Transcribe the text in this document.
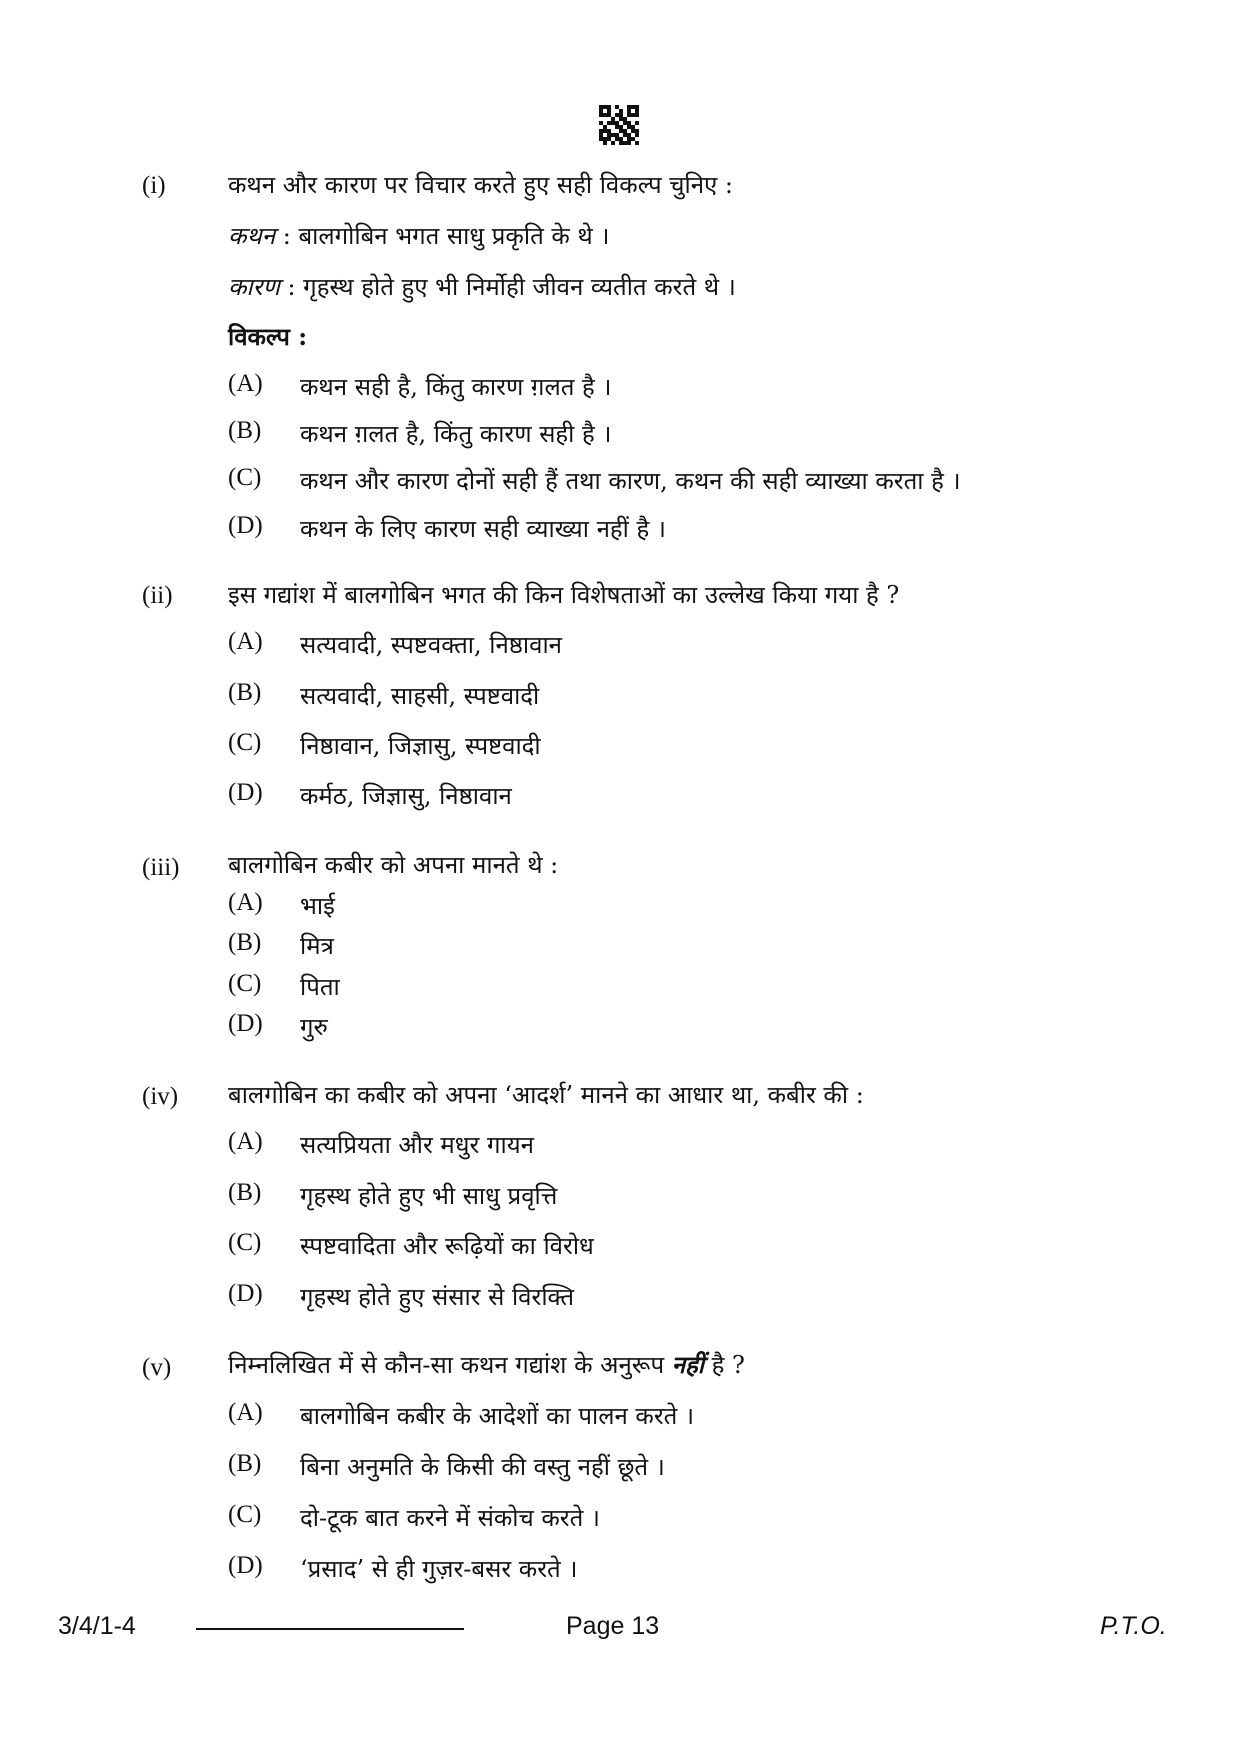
(i)	कथन और कारण पर विचार करते हुए सही विकल्प चुनिए :
कथन : बालगोबिन भगत साधु प्रकृति के थे ।
कारण : गृहस्थ होते हुए भी निर्मोही जीवन व्यतीत करते थे ।
विकल्प :
(A) कथन सही है, किंतु कारण ग़लत है ।
(B) कथन ग़लत है, किंतु कारण सही है ।
(C) कथन और कारण दोनों सही हैं तथा कारण, कथन की सही व्याख्या करता है ।
(D) कथन के लिए कारण सही व्याख्या नहीं है ।
(ii)	इस गद्यांश में बालगोबिन भगत की किन विशेषताओं का उल्लेख किया गया है ?
(A) सत्यवादी, स्पष्टवक्ता, निष्ठावान
(B) सत्यवादी, साहसी, स्पष्टवादी
(C) निष्ठावान, जिज्ञासु, स्पष्टवादी
(D) कर्मठ, जिज्ञासु, निष्ठावान
(iii)	बालगोबिन कबीर को अपना मानते थे :
(A) भाई
(B) मित्र
(C) पिता
(D) गुरु
(iv)	बालगोबिन का कबीर को अपना ‘आदर्श’ मानने का आधार था, कबीर की :
(A) सत्यप्रियता और मधुर गायन
(B) गृहस्थ होते हुए भी साधु प्रवृत्ति
(C) स्पष्टवादिता और रूढ़ियों का विरोध
(D) गृहस्थ होते हुए संसार से विरक्ति
(v)	निम्नलिखित में से कौन-सा कथन गद्यांश के अनुरूप नहीं है ?
(A) बालगोबिन कबीर के आदेशों का पालन करते ।
(B) बिना अनुमति के किसी की वस्तु नहीं छूते ।
(C) दो-टूक बात करने में संकोच करते ।
(D) ‘प्रसाद’ से ही गुज़र-बसर करते ।
3/4/1-4	Page 13	P.T.O.
